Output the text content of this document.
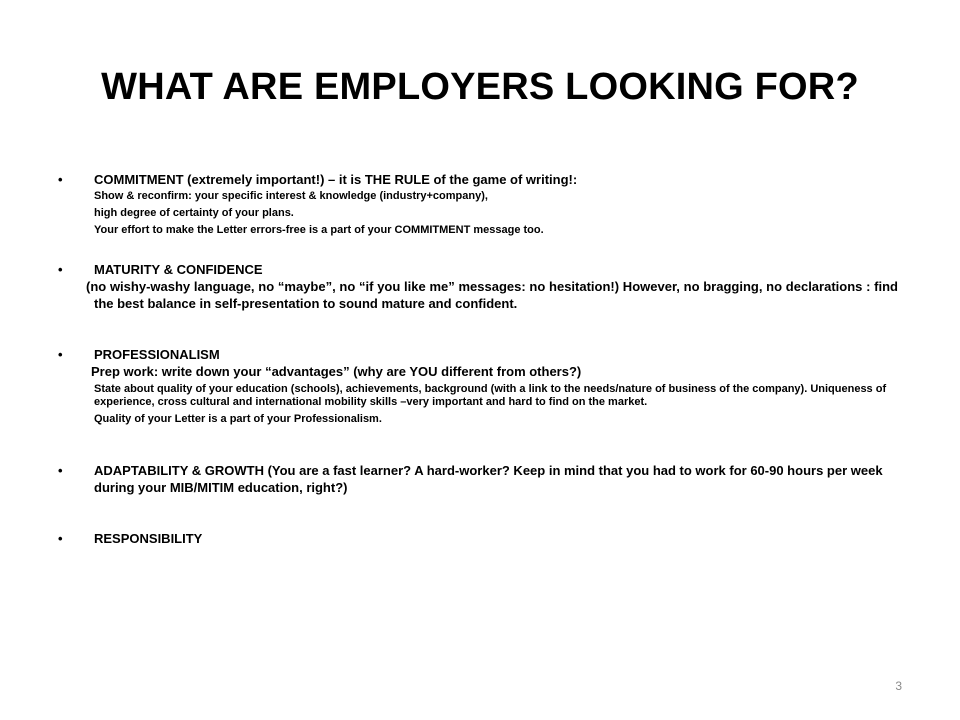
WHAT ARE EMPLOYERS LOOKING FOR?
• COMMITMENT (extremely important!) – it is THE RULE of the game of writing!:
Show & reconfirm: your specific interest & knowledge (industry+company),
high degree of certainty of your plans.
Your effort to make the Letter errors-free is a part of your COMMITMENT message too.
• MATURITY & CONFIDENCE
(no wishy-washy language, no “maybe”, no “if you like me” messages: no hesitation!) However, no bragging, no declarations : find the best balance in self-presentation to sound mature and confident.
• PROFESSIONALISM
Prep work: write down your “advantages” (why are YOU different from others?)
State about quality of your education (schools), achievements, background (with a link to the needs/nature of business of the company). Uniqueness of experience, cross cultural and international mobility skills –very important and hard to find on the market.
Quality of your Letter is a part of your Professionalism.
• ADAPTABILITY & GROWTH (You are a fast learner? A hard-worker? Keep in mind that you had to work for 60-90 hours per week during your MIB/MITIM education, right?)
• RESPONSIBILITY
3
